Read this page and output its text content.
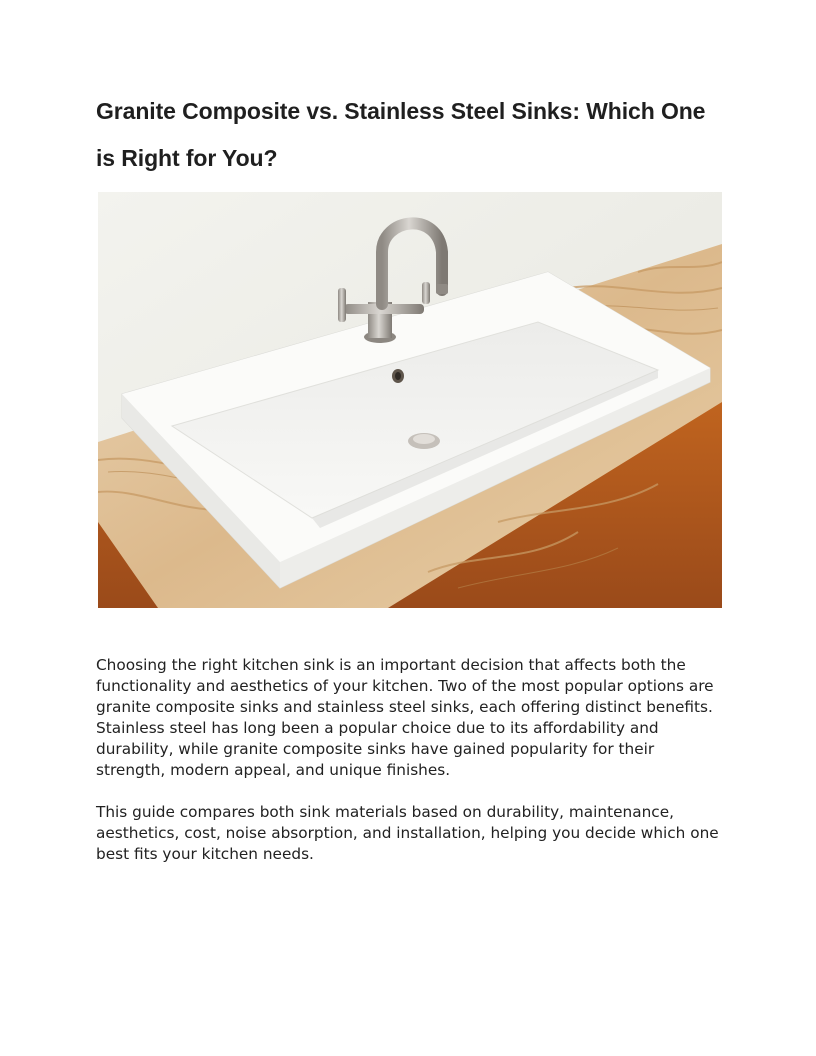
Granite Composite vs. Stainless Steel Sinks: Which One is Right for You?

Choosing the right kitchen sink is an important decision that affects both the functionality and aesthetics of your kitchen. Two of the most popular options are granite composite sinks and stainless steel sinks, each offering distinct benefits. Stainless steel has long been a popular choice due to its affordability and durability, while granite composite sinks have gained popularity for their strength, modern appeal, and unique finishes.

This guide compares both sink materials based on durability, maintenance, aesthetics, cost, noise absorption, and installation, helping you decide which one best fits your kitchen needs.
